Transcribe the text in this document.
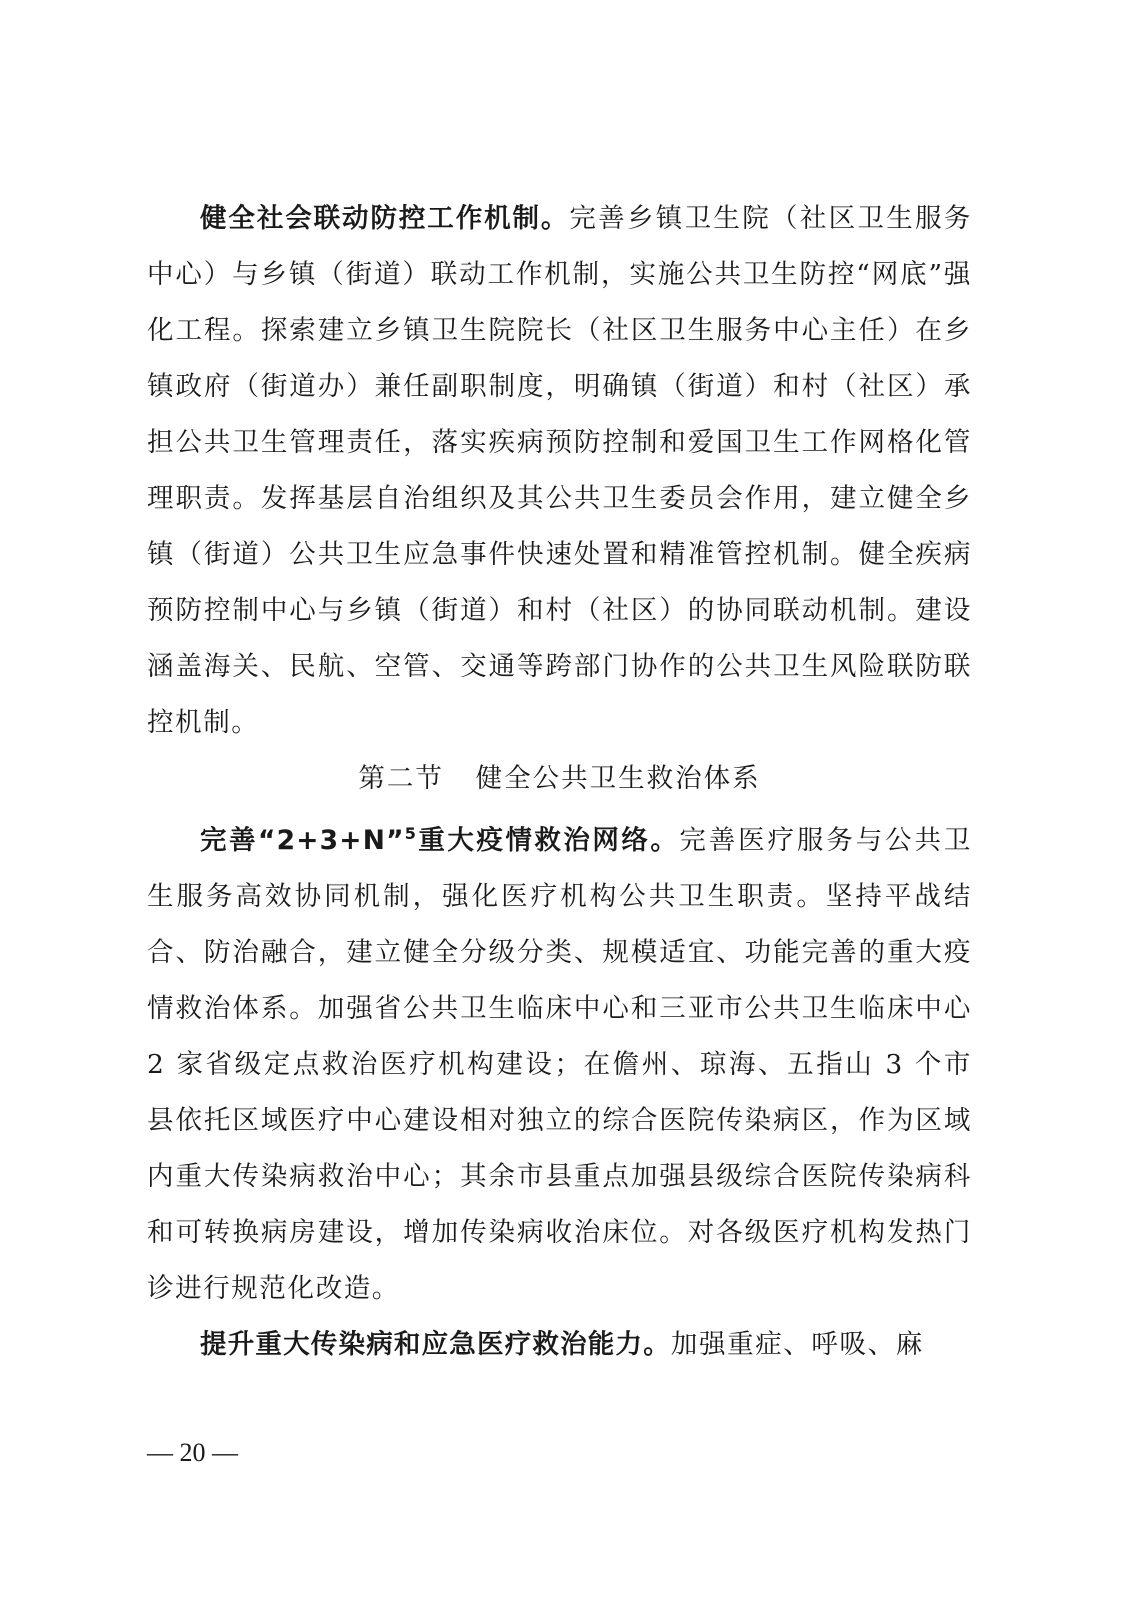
健全社会联动防控工作机制。完善乡镇卫生院（社区卫生服务中心）与乡镇（街道）联动工作机制，实施公共卫生防控“网底”强化工程。探索建立乡镇卫生院院长（社区卫生服务中心主任）在乡镇政府（街道办）兼任副职制度，明确镇（街道）和村（社区）承担公共卫生管理责任，落实疾病预防控制和爱国卫生工作网格化管理职责。发挥基层自治组织及其公共卫生委员会作用，建立健全乡镇（街道）公共卫生应急事件快速处置和精准管控机制。健全疾病预防控制中心与乡镇（街道）和村（社区）的协同联动机制。建设涵盖海关、民航、空管、交通等跨部门协作的公共卫生风险联防联控机制。

第二节 健全公共卫生救治体系

完善“2+3+N”$^5$重大疫情救治网络。完善医疗服务与公共卫生服务高效协同机制，强化医疗机构公共卫生职责。坚持平战结合、防治融合，建立健全分级分类、规模适宜、功能完善的重大疫情救治体系。加强省公共卫生临床中心和三亚市公共卫生临床中心 2 家省级定点救治医疗机构建设；在儋州、琼海、五指山 3 个市县依托区域医疗中心建设相对独立的综合医院传染病区，作为区域内重大传染病救治中心；其余市县重点加强县级综合医院传染病科和可转换病房建设，增加传染病收治床位。对各级医疗机构发热门诊进行规范化改造。

提升重大传染病和应急医疗救治能力。加强重症、呼吸、麻

— 20 —
